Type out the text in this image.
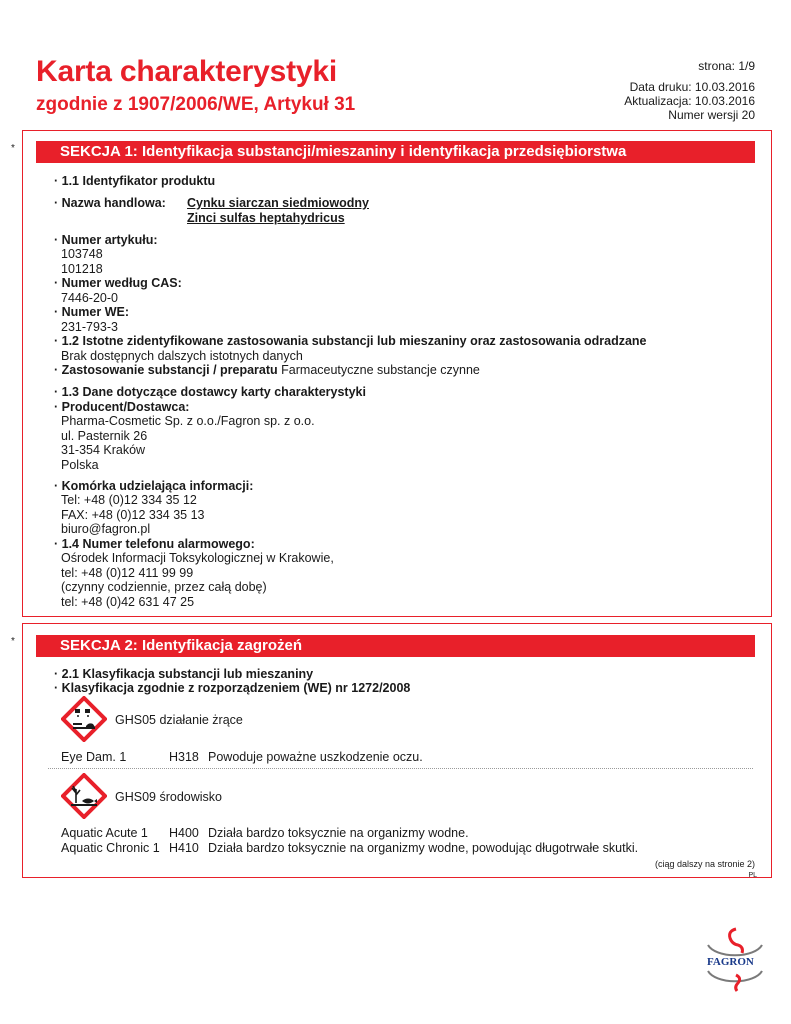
Karta charakterystyki
zgodnie z 1907/2006/WE, Artykuł 31
strona: 1/9
Data druku: 10.03.2016
Aktualizacja: 10.03.2016
Numer wersji 20
*	SEKCJA 1: Identyfikacja substancji/mieszaniny i identyfikacja przedsiębiorstwa
· 1.1 Identyfikator produktu
· Nazwa handlowa: Cynku siarczan siedmiowodny
Zinci sulfas heptahydricus
· Numer artykułu:
103748
101218
· Numer według CAS:
7446-20-0
· Numer WE:
231-793-3
· 1.2 Istotne zidentyfikowane zastosowania substancji lub mieszaniny oraz zastosowania odradzane
Brak dostępnych dalszych istotnych danych
· Zastosowanie substancji / preparatu Farmaceutyczne substancje czynne
· 1.3 Dane dotyczące dostawcy karty charakterystyki
· Producent/Dostawca:
Pharma-Cosmetic Sp. z o.o./Fagron sp. z o.o.
ul. Pasternik 26
31-354 Kraków
Polska
· Komórka udzielająca informacji:
Tel: +48 (0)12 334 35 12
FAX: +48 (0)12 334 35 13
biuro@fagron.pl
· 1.4 Numer telefonu alarmowego:
Ośrodek Informacji Toksykologicznej w Krakowie,
tel: +48 (0)12 411 99 99
(czynny codziennie, przez całą dobę)
tel: +48 (0)42 631 47 25
*	SEKCJA 2: Identyfikacja zagrożeń
· 2.1 Klasyfikacja substancji lub mieszaniny
· Klasyfikacja zgodnie z rozporządzeniem (WE) nr 1272/2008
GHS05 działanie żrące
Eye Dam. 1	H318 Powoduje poważne uszkodzenie oczu.
GHS09 środowisko
Aquatic Acute 1 H400 Działa bardzo toksycznie na organizmy wodne.
Aquatic Chronic 1 H410 Działa bardzo toksycznie na organizmy wodne, powodując długotrwałe skutki.
(ciąg dalszy na stronie 2)
PL
FAGRON
